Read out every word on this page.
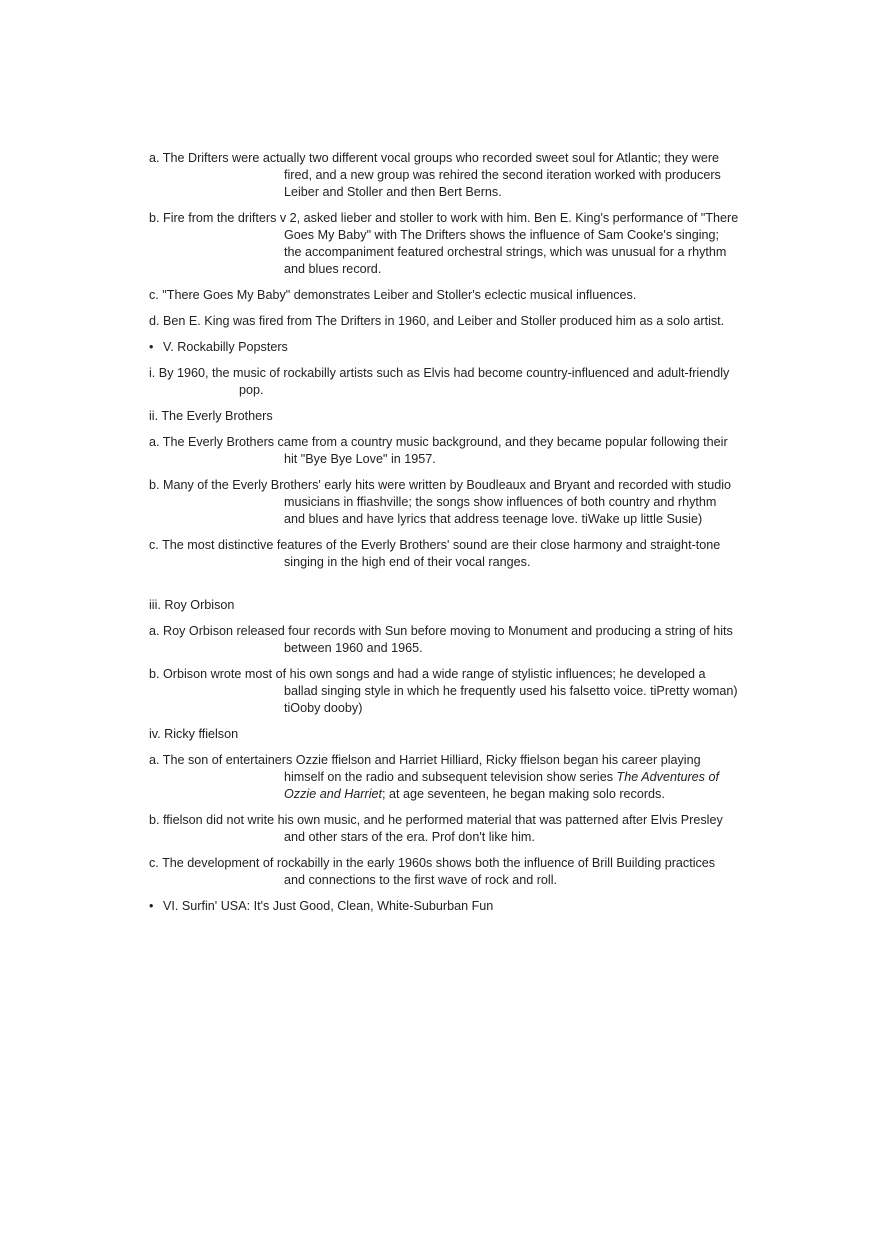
a. The Drifters were actually two different vocal groups who recorded sweet soul for Atlantic; they were fired, and a new group was rehired the second iteration worked with producers Leiber and Stoller and then Bert Berns.

b. Fire from the drifters v 2, asked lieber and stoller to work with him. Ben E. King's performance of "There Goes My Baby" with The Drifters shows the influence of Sam Cooke's singing; the accompaniment featured orchestral strings, which was unusual for a rhythm and blues record.

c. "There Goes My Baby" demonstrates Leiber and Stoller's eclectic musical influences.

d. Ben E. King was fired from The Drifters in 1960, and Leiber and Stoller produced him as a solo artist.

• V. Rockabilly Popsters

i. By 1960, the music of rockabilly artists such as Elvis had become country-influenced and adult-friendly pop.

ii. The Everly Brothers

a. The Everly Brothers came from a country music background, and they became popular following their hit "Bye Bye Love" in 1957.

b. Many of the Everly Brothers' early hits were written by Boudleaux and Bryant and recorded with studio musicians in ffiashville; the songs show influences of both country and rhythm and blues and have lyrics that address teenage love. tiWake up little Susie)

c. The most distinctive features of the Everly Brothers' sound are their close harmony and straight-tone singing in the high end of their vocal ranges.

iii. Roy Orbison

a. Roy Orbison released four records with Sun before moving to Monument and producing a string of hits between 1960 and 1965.

b. Orbison wrote most of his own songs and had a wide range of stylistic influences; he developed a ballad singing style in which he frequently used his falsetto voice. tiPretty woman) tiOoby dooby)

iv. Ricky ffielson

a. The son of entertainers Ozzie ffielson and Harriet Hilliard, Ricky ffielson began his career playing himself on the radio and subsequent television show series The Adventures of Ozzie and Harriet; at age seventeen, he began making solo records.

b. ffielson did not write his own music, and he performed material that was patterned after Elvis Presley and other stars of the era. Prof don't like him.

c. The development of rockabilly in the early 1960s shows both the influence of Brill Building practices and connections to the first wave of rock and roll.

• VI. Surfin' USA: It's Just Good, Clean, White-Suburban Fun
